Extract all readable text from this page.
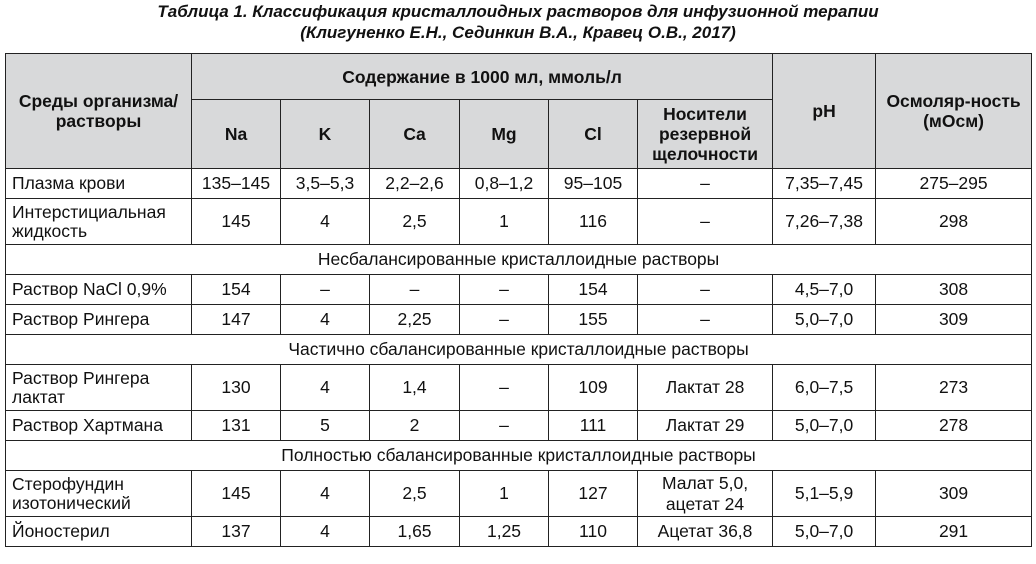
Таблица 1. Классификация кристаллоидных растворов для инфузионной терапии
(Клигуненко Е.Н., Сединкин В.А., Кравец О.В., 2017)
Среды организма/ растворы	Содержание в 1000 мл, ммоль/л						pH	Осмоляр-ность (мОсм)
	Na	K	Ca	Mg	Cl	Носители резервной щелочности		
Плазма крови	135–145	3,5–5,3	2,2–2,6	0,8–1,2	95–105	–	7,35–7,45	275–295
Интерстициальная жидкость	145	4	2,5	1	116	–	7,26–7,38	298
Несбалансированные кристаллоидные растворы								
Раствор NaCl 0,9%	154	–	–	–	154	–	4,5–7,0	308
Раствор Рингера	147	4	2,25	–	155	–	5,0–7,0	309
Частично сбалансированные кристаллоидные растворы								
Раствор Рингера лактат	130	4	1,4	–	109	Лактат 28	6,0–7,5	273
Раствор Хартмана	131	5	2	–	111	Лактат 29	5,0–7,0	278
Полностью сбалансированные кристаллоидные растворы								
Стерофундин изотонический	145	4	2,5	1	127	Малат 5,0, ацетат 24	5,1–5,9	309
Йоностерил	137	4	1,65	1,25	110	Ацетат 36,8	5,0–7,0	291
